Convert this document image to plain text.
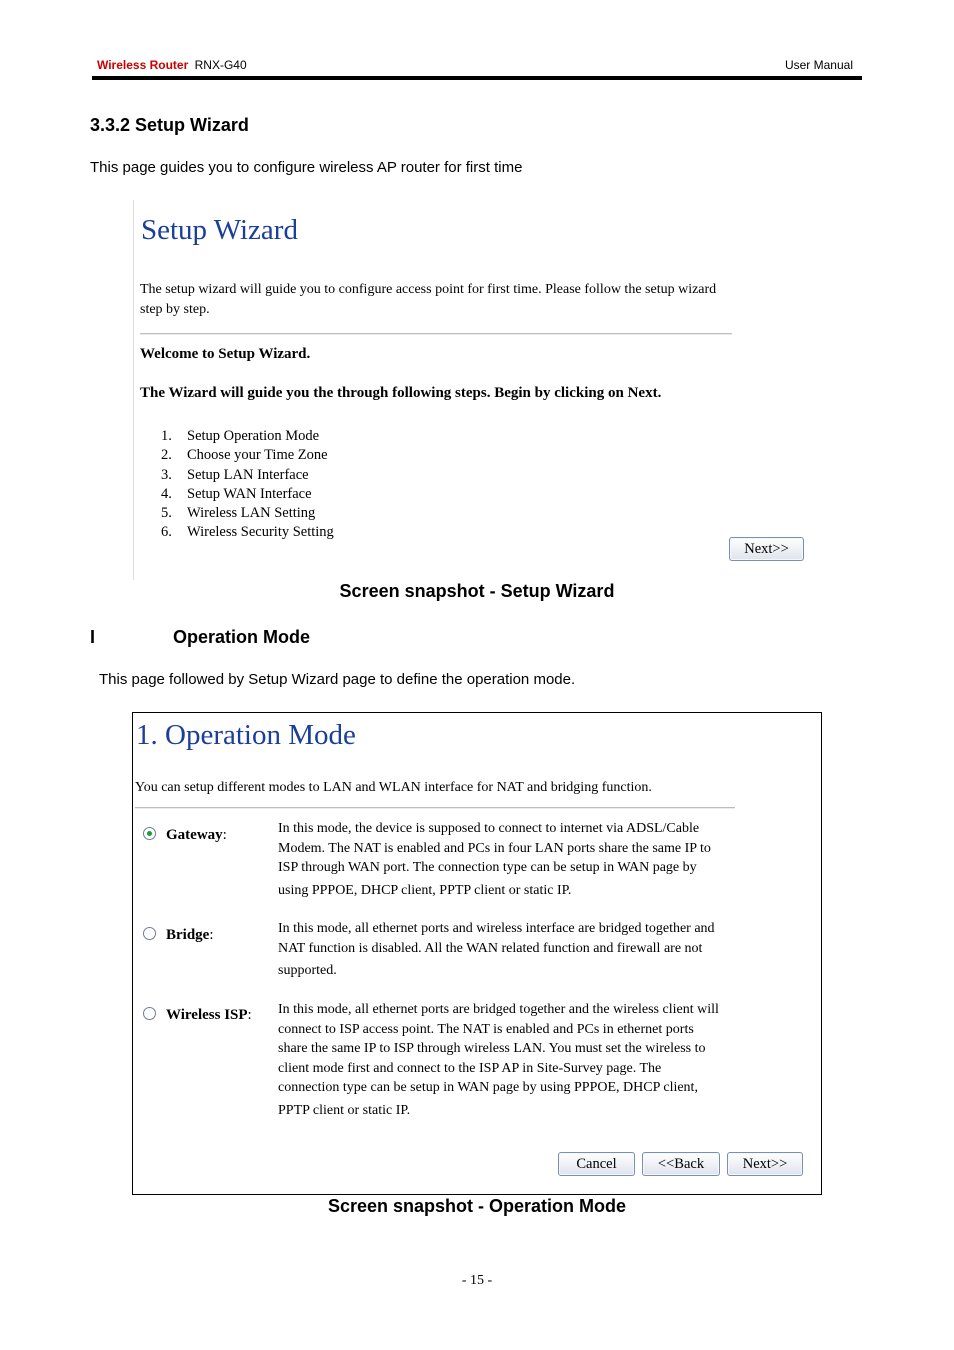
Wireless Router RNX-G40	User Manual
3.3.2 Setup Wizard
This page guides you to configure wireless AP router for first time
Setup Wizard
The setup wizard will guide you to configure access point for first time. Please follow the setup wizard step by step.
Welcome to Setup Wizard.
The Wizard will guide you the through following steps. Begin by clicking on Next.
1. Setup Operation Mode
2. Choose your Time Zone
3. Setup LAN Interface
4. Setup WAN Interface
5. Wireless LAN Setting
6. Wireless Security Setting
Next>>
Screen snapshot - Setup Wizard
I	Operation Mode
This page followed by Setup Wizard page to define the operation mode.
1. Operation Mode
You can setup different modes to LAN and WLAN interface for NAT and bridging function.
Gateway:	In this mode, the device is supposed to connect to internet via ADSL/Cable
Modem. The NAT is enabled and PCs in four LAN ports share the same IP to
ISP through WAN port. The connection type can be setup in WAN page by
using PPPOE, DHCP client, PPTP client or static IP.
Bridge:	In this mode, all ethernet ports and wireless interface are bridged together and
NAT function is disabled. All the WAN related function and firewall are not
supported.
Wireless ISP: In this mode, all ethernet ports are bridged together and the wireless client will
connect to ISP access point. The NAT is enabled and PCs in ethernet ports
share the same IP to ISP through wireless LAN. You must set the wireless to
client mode first and connect to the ISP AP in Site-Survey page. The
connection type can be setup in WAN page by using PPPOE, DHCP client,
PPTP client or static IP.
Cancel	<<Back	Next>>
Screen snapshot - Operation Mode
- 15 -
